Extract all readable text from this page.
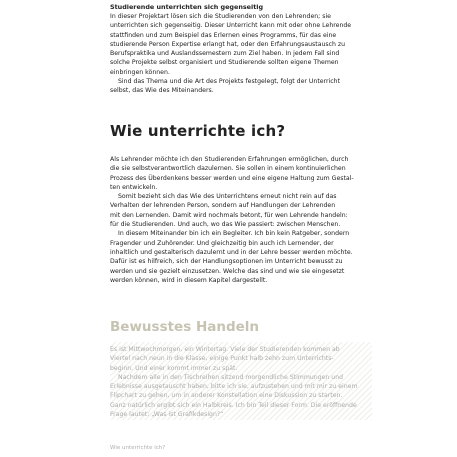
Studierende unterrichten sich gegenseitig

In dieser Projektart lösen sich die Studierenden von den Lehrenden; sie
unterrichten sich gegenseitig. Dieser Unterricht kann mit oder ohne Lehrende
stattfinden und zum Beispiel das Erlernen eines Programms, für das eine
studierende Person Expertise erlangt hat, oder den Erfahrungsaustausch zu
Berufspraktika und Auslandssemestern zum Ziel haben. In jedem Fall sind
solche Projekte selbst organisiert und Studierende sollten eigene Themen
einbringen können.

Sind das Thema und die Art des Projekts festgelegt, folgt der Unterricht
selbst, das Wie des Miteinanders.

Wie unterrichte ich?

Als Lehrender möchte ich den Studierenden Erfahrungen ermöglichen, durch
die sie selbstverantwortlich dazulernen. Sie sollen in einem kontinuierlichen
Prozess des Überdenkens besser werden und eine eigene Haltung zum Gestal-
ten entwickeln.

Somit bezieht sich das Wie des Unterrichtens erneut nicht rein auf das
Verhalten der lehrenden Person, sondern auf Handlungen der Lehrenden
mit den Lernenden. Damit wird nochmals betont, für wen Lehrende handeln:
für die Studierenden. Und auch, wo das Wie passiert: zwischen Menschen.

In diesem Miteinander bin ich ein Begleiter. Ich bin kein Ratgeber, sondern
Fragender und Zuhörender. Und gleichzeitig bin auch ich Lernender, der
inhaltlich und gestalterisch dazulernt und in der Lehre besser werden möchte.
Dafür ist es hilfreich, sich der Handlungsoptionen im Unterricht bewusst zu
werden und sie gezielt einzusetzen. Welche das sind und wie sie eingesetzt
werden können, wird in diesem Kapitel dargestellt.

Bewusstes Handeln

Es ist Mittwochmorgen, ein Wintertag. Viele der Studierenden kommen ab
Viertel nach neun in die Klasse, einige Punkt halb zehn zum Unterrichts-
beginn. Und einer kommt immer zu spät.

Nachdem alle in den Tischreihen sitzend morgendliche Stimmungen und
Erlebnisse ausgetauscht haben, bitte ich sie, aufzustehen und mit mir zu einem
Flipchart zu gehen, um in anderer Konstellation eine Diskussion zu starten.
Ganz natürlich ergibt sich ein Halbkreis. Ich bin Teil dieser Form. Die eröffnende
Frage lautet: „Was ist Grafikdesign?“

Wie unterrichte ich?
